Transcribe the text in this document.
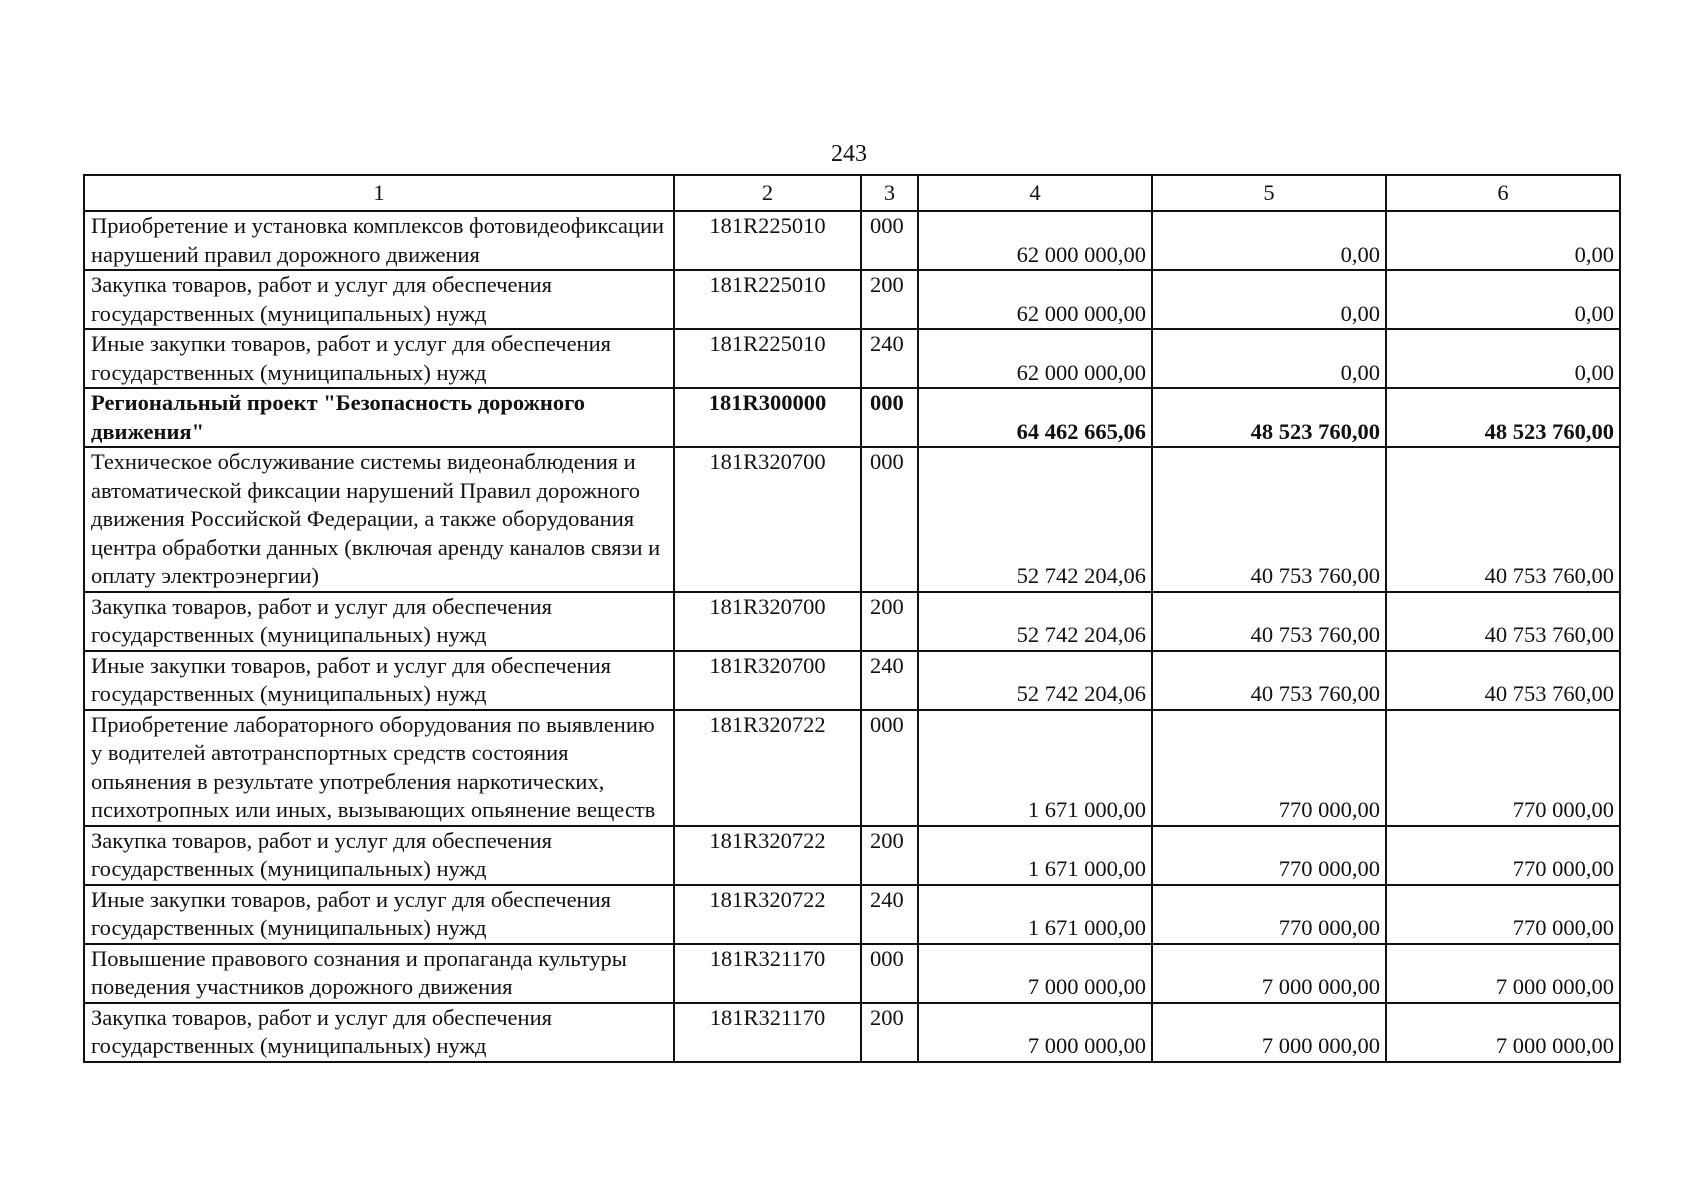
243
1	2	3	4	5	6
Приобретение и установка комплексов фотовидеофиксации нарушений правил дорожного движения	181R225010	000	62 000 000,00	0,00	0,00
Закупка товаров, работ и услуг для обеспечения государственных (муниципальных) нужд	181R225010	200	62 000 000,00	0,00	0,00
Иные закупки товаров, работ и услуг для обеспечения государственных (муниципальных) нужд	181R225010	240	62 000 000,00	0,00	0,00
Региональный проект "Безопасность дорожного движения"	181R300000	000	64 462 665,06	48 523 760,00	48 523 760,00
Техническое обслуживание системы видеонаблюдения и автоматической фиксации нарушений Правил дорожного движения Российской Федерации, а также оборудования центра обработки данных (включая аренду каналов связи и оплату электроэнергии)	181R320700	000	52 742 204,06	40 753 760,00	40 753 760,00
Закупка товаров, работ и услуг для обеспечения государственных (муниципальных) нужд	181R320700	200	52 742 204,06	40 753 760,00	40 753 760,00
Иные закупки товаров, работ и услуг для обеспечения государственных (муниципальных) нужд	181R320700	240	52 742 204,06	40 753 760,00	40 753 760,00
Приобретение лабораторного оборудования по выявлению у водителей автотранспортных средств состояния опьянения в результате употребления наркотических, психотропных или иных, вызывающих опьянение веществ	181R320722	000	1 671 000,00	770 000,00	770 000,00
Закупка товаров, работ и услуг для обеспечения государственных (муниципальных) нужд	181R320722	200	1 671 000,00	770 000,00	770 000,00
Иные закупки товаров, работ и услуг для обеспечения государственных (муниципальных) нужд	181R320722	240	1 671 000,00	770 000,00	770 000,00
Повышение правового сознания и пропаганда культуры поведения участников дорожного движения	181R321170	000	7 000 000,00	7 000 000,00	7 000 000,00
Закупка товаров, работ и услуг для обеспечения государственных (муниципальных) нужд	181R321170	200	7 000 000,00	7 000 000,00	7 000 000,00
